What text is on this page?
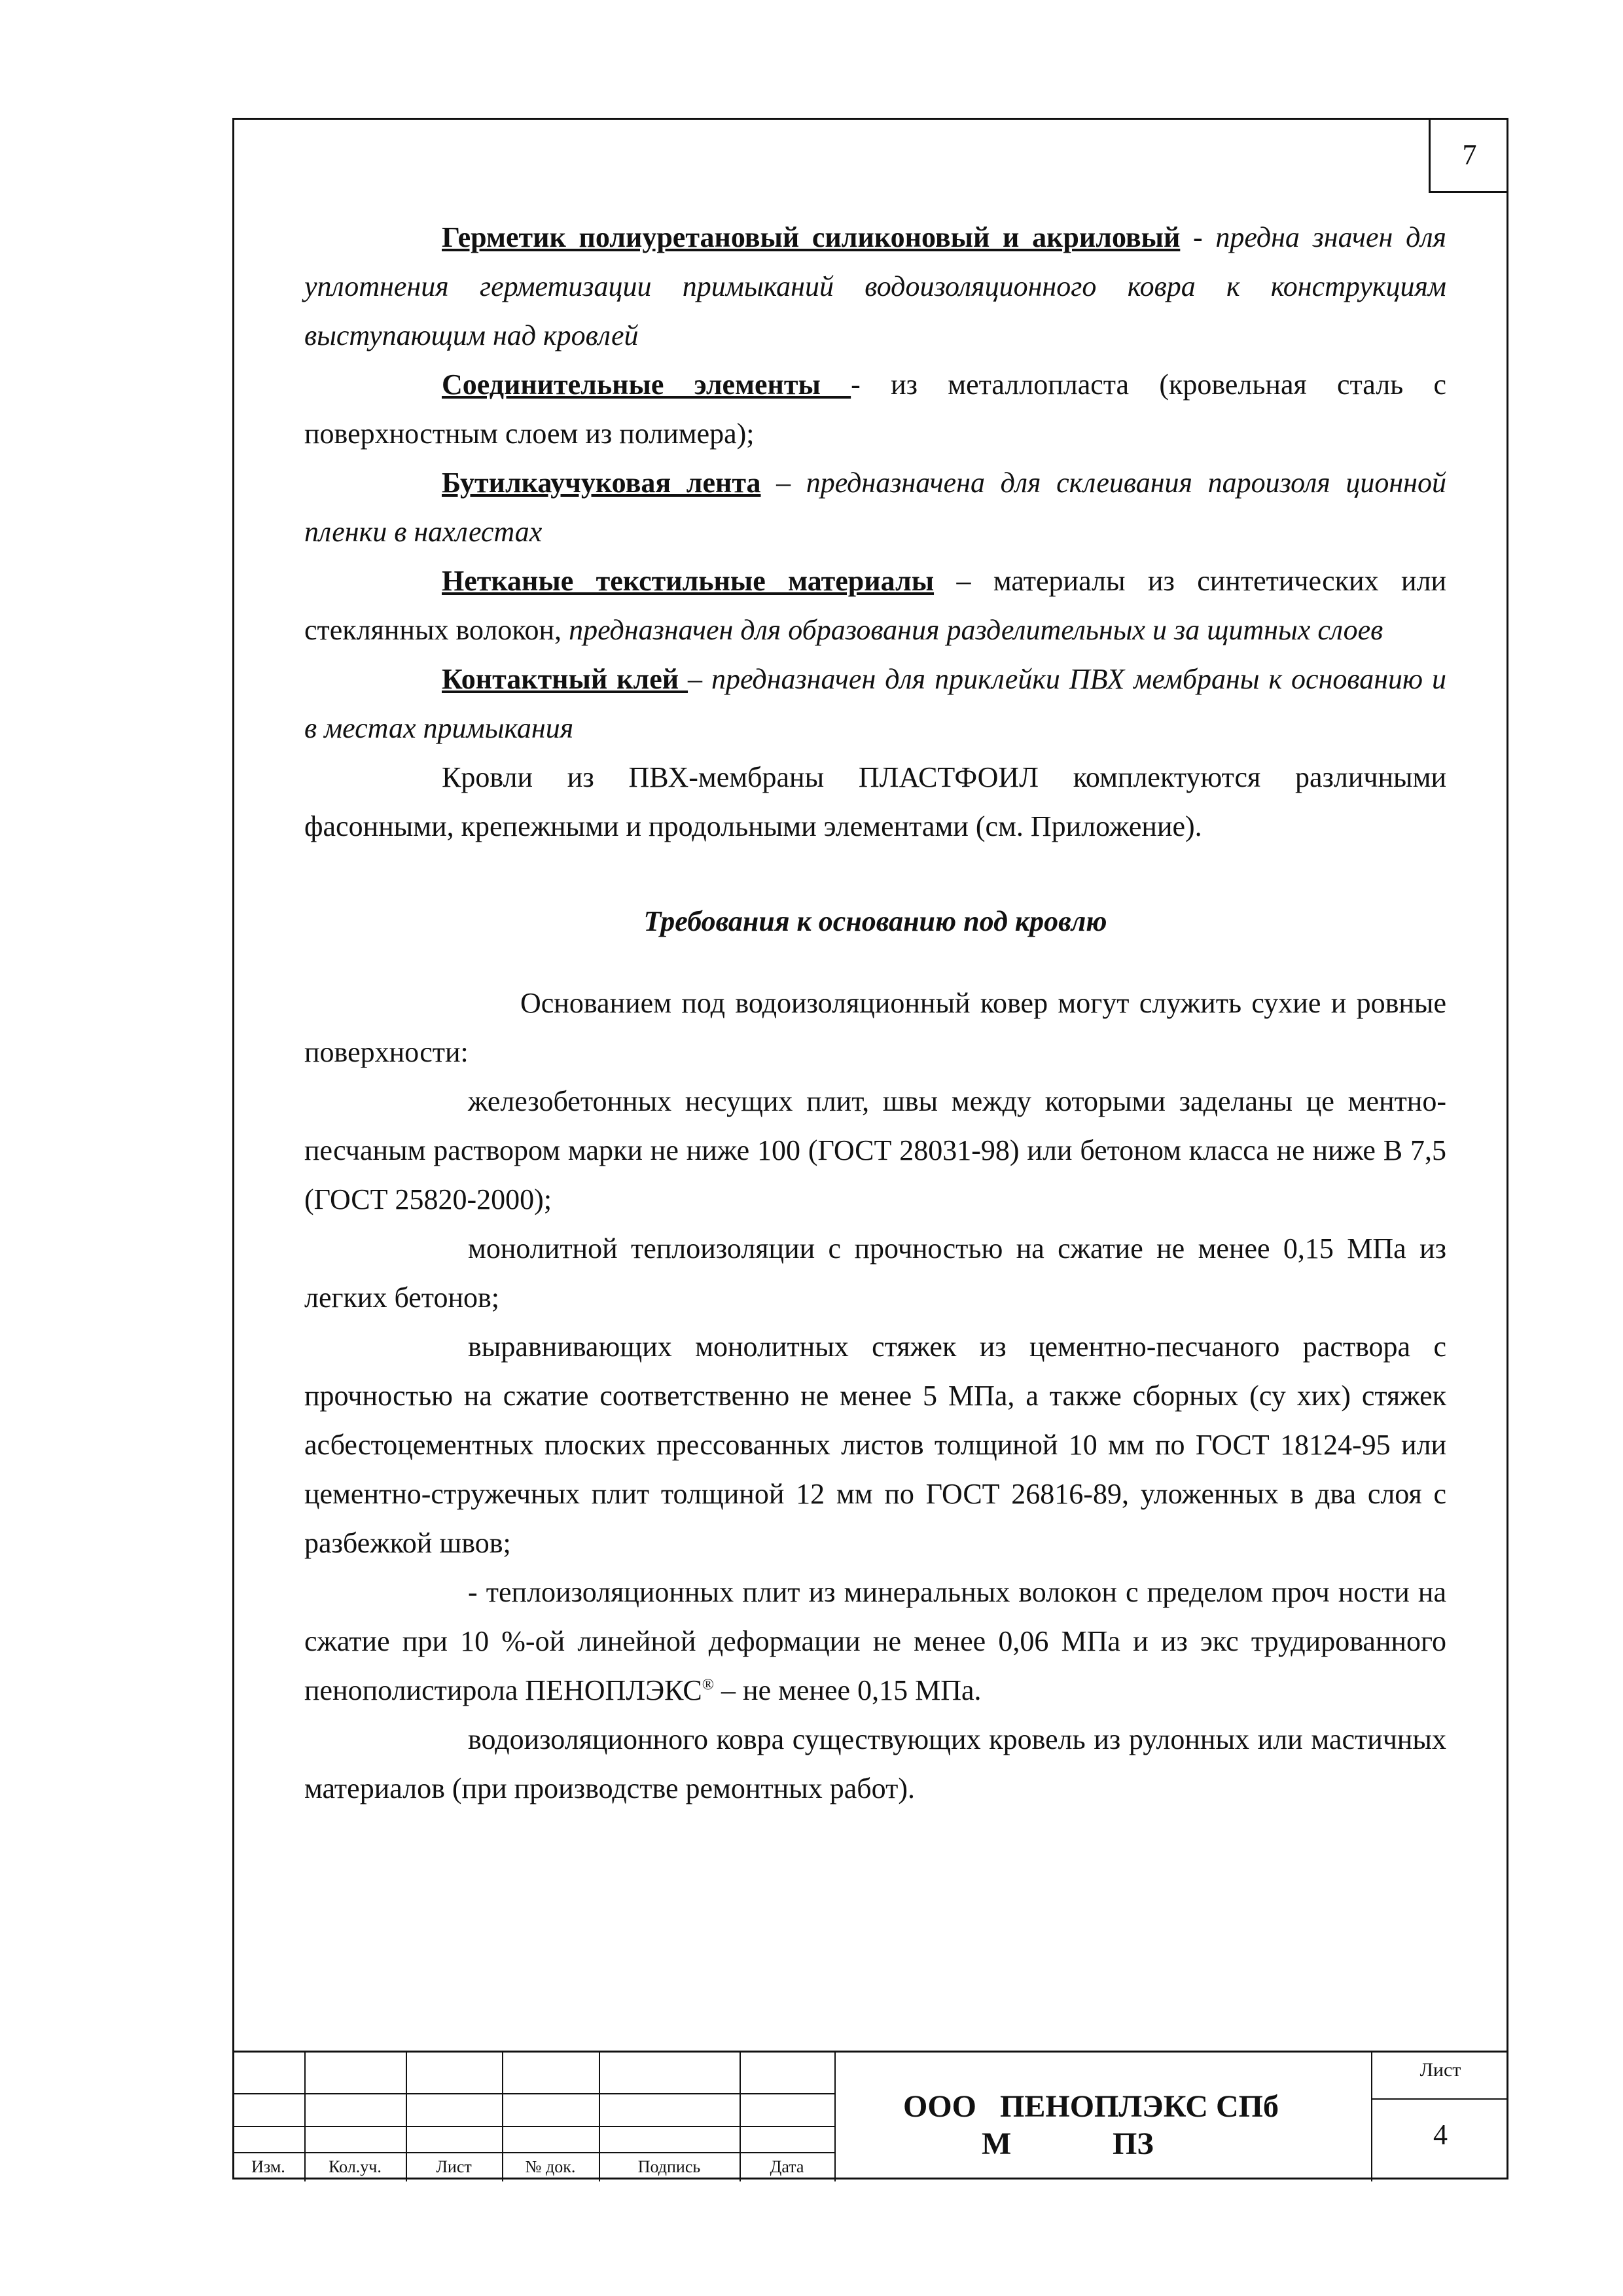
7

Герметик полиуретановый силиконовый и акриловый - предна значен для уплотнения герметизации примыканий водоизоляционного ковра к конструкциям выступающим над кровлей

Соединительные элементы - из металлопласта (кровельная сталь с поверхностным слоем из полимера);

Бутилкаучуковая лента – предназначена для склеивания пароизоля ционной пленки в нахлестах

Нетканые текстильные материалы – материалы из синтетических или стеклянных волокон, предназначен для образования разделительных и за щитных слоев

Контактный клей – предназначен для приклейки ПВХ мембраны к основанию и в местах примыкания

Кровли из ПВХ-мембраны ПЛАСТФОИЛ комплектуются различными фасонными, крепежными и продольными элементами (см. Приложение).

Требования к основанию под кровлю

Основанием под водоизоляционный ковер могут служить сухие и ровные поверхности:

железобетонных несущих плит, швы между которыми заделаны це ментно-песчаным раствором марки не ниже 100 (ГОСТ 28031-98) или бетоном класса не ниже В 7,5 (ГОСТ 25820-2000);

монолитной теплоизоляции с прочностью на сжатие не менее 0,15 МПа из легких бетонов;

выравнивающих монолитных стяжек из цементно-песчаного раствора с прочностью на сжатие соответственно не менее 5 МПа, а также сборных (су хих) стяжек асбестоцементных плоских прессованных листов толщиной 10 мм по ГОСТ 18124-95 или цементно-стружечных плит толщиной 12 мм по ГОСТ 26816-89, уложенных в два слоя с разбежкой швов;

- теплоизоляционных плит из минеральных волокон с пределом проч ности на сжатие при 10 %-ой линейной деформации не менее 0,06 МПа и из экс трудированного пенополистирола ПЕНОПЛЭКС® – не менее 0,15 МПа.

водоизоляционного ковра существующих кровель из рулонных или мастичных материалов (при производстве ремонтных работ).

Изм.	Кол.уч.	Лист	№ док.	Подпись	Дата
ООО   ПЕНОПЛЭКС СПб
М	ПЗ
Лист
4
